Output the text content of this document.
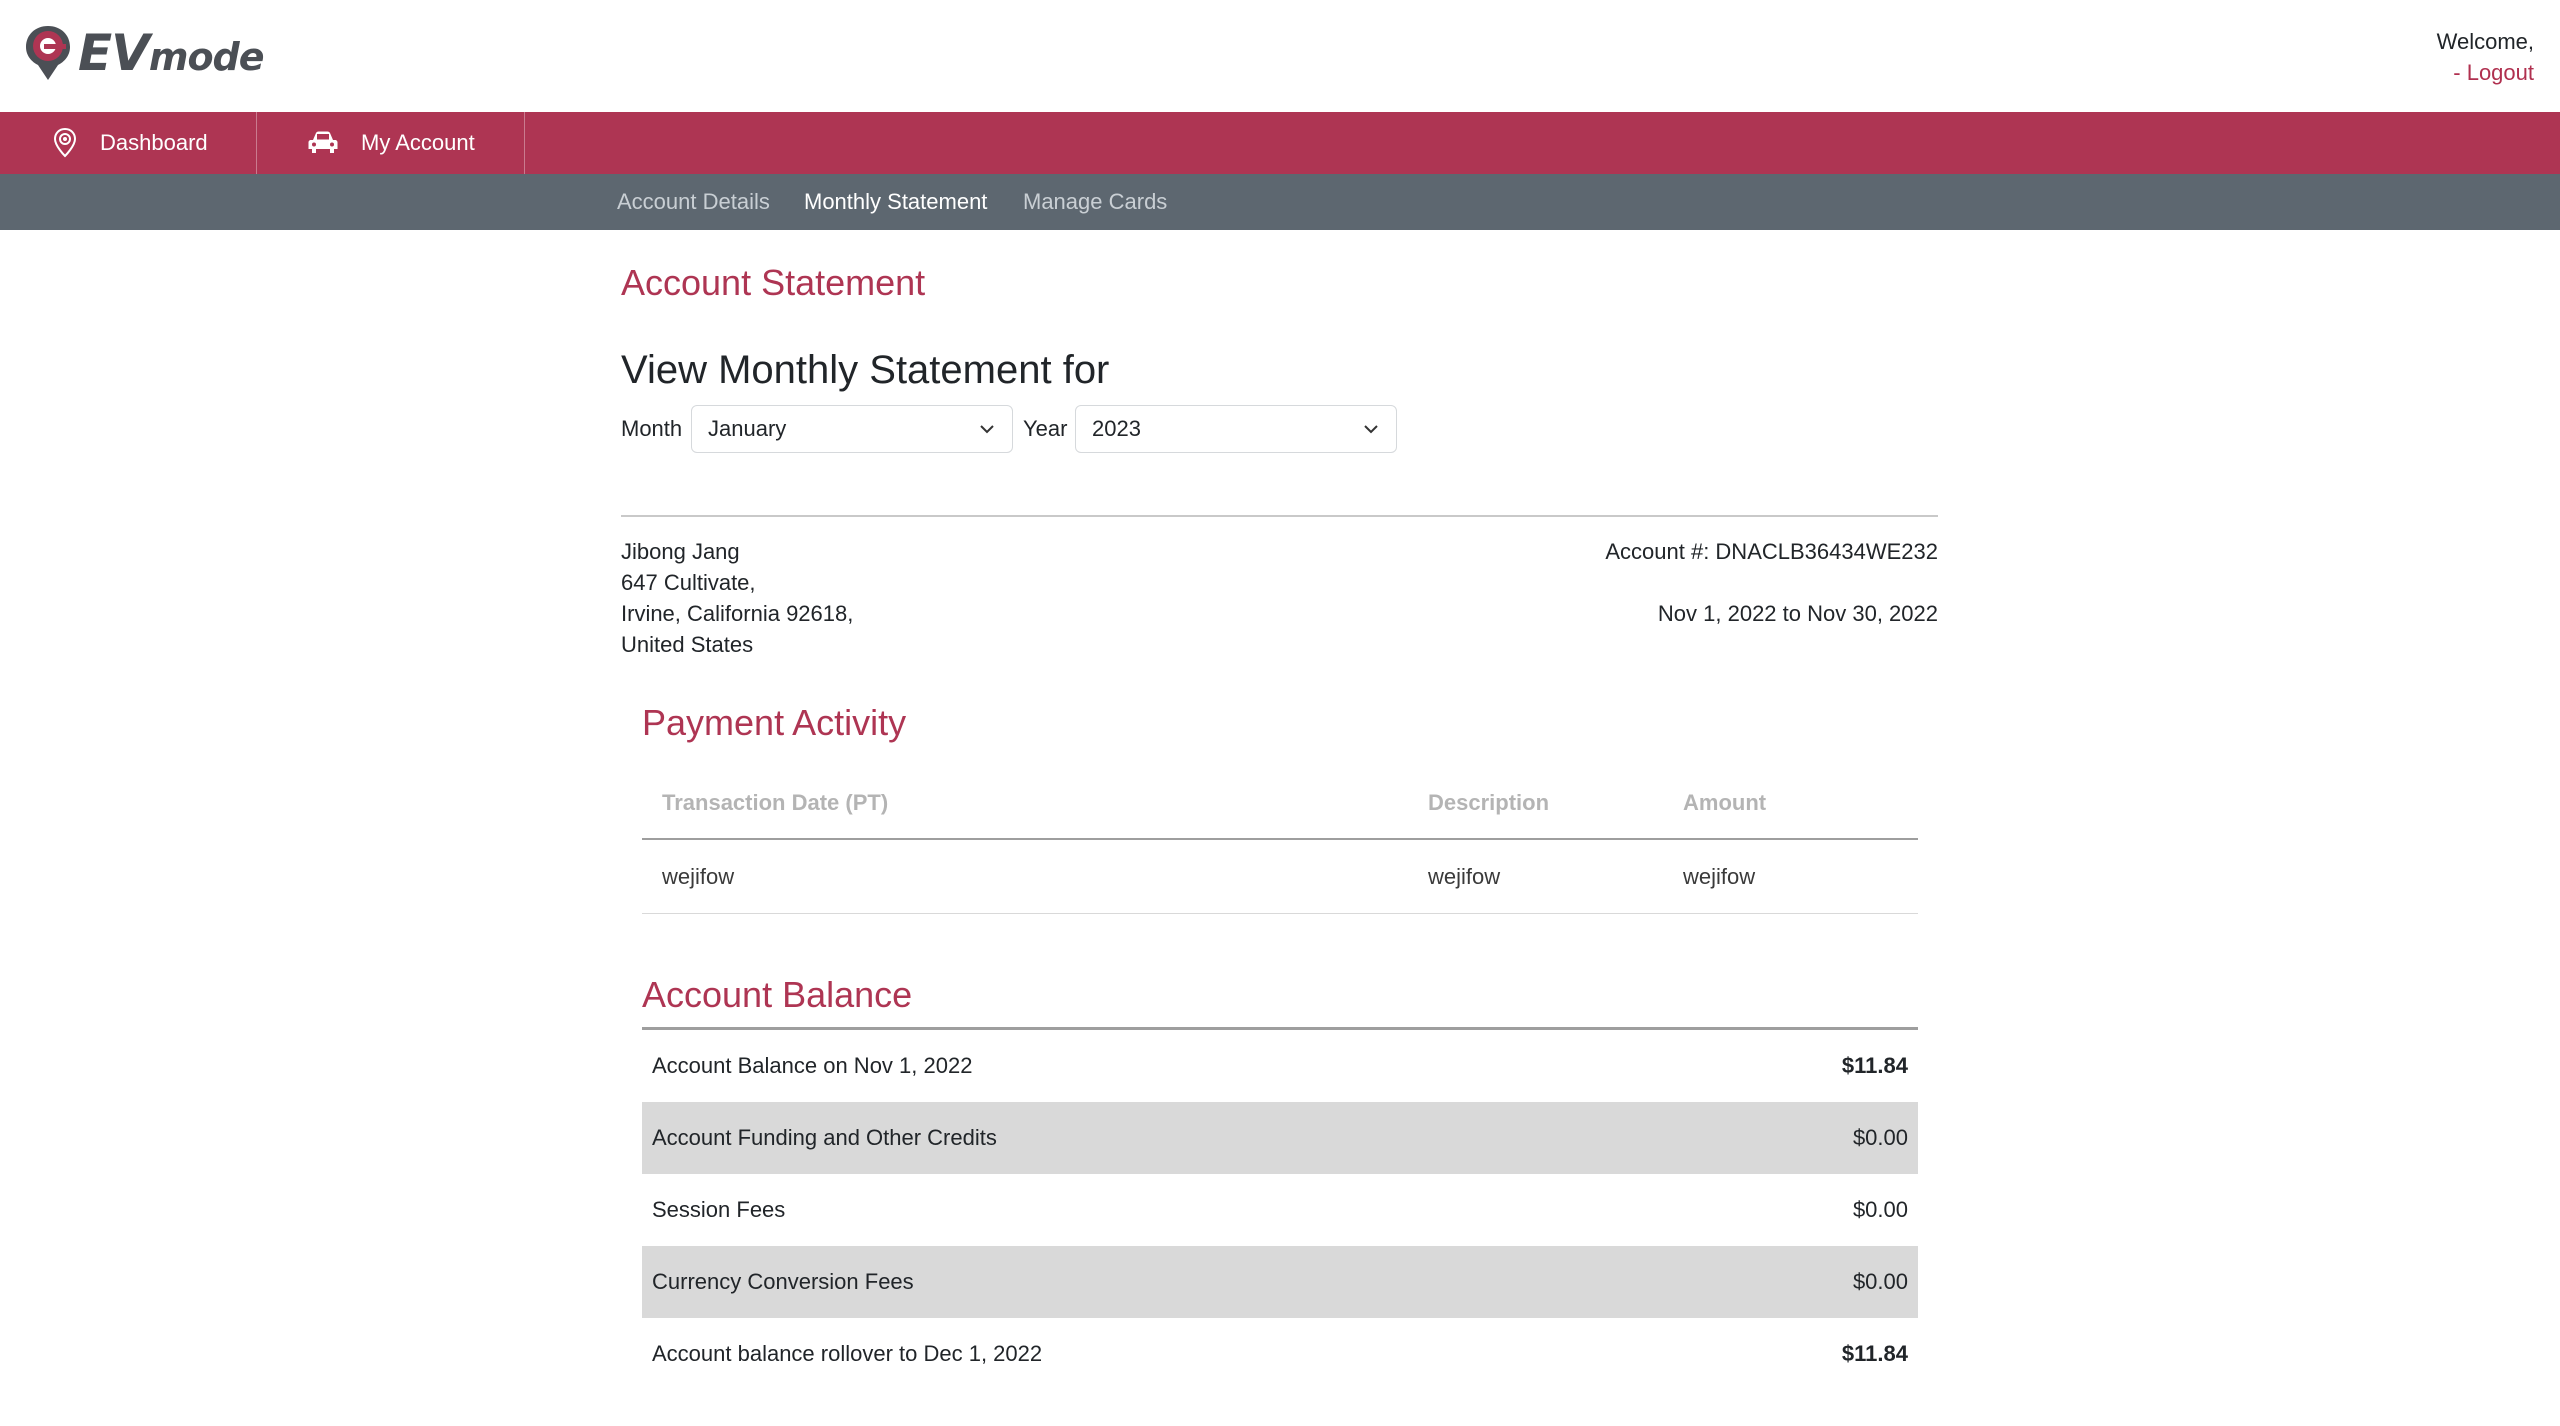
EVmode	Welcome,
- Logout
Dashboard	My Account
Account Details Monthly Statement Manage Cards
Account Statement
View Monthly Statement for
Month	January	Year	2023
Jibong Jang
647 Cultivate,
Irvine, California 92618,
United States
Account #: DNACLB36434WE232
Nov 1, 2022 to Nov 30, 2022
Payment Activity
Transaction Date (PT)	Description	Amount
wejifow	wejifow	wejifow
Account Balance
Account Balance on Nov 1, 2022	$11.84
Account Funding and Other Credits	$0.00
Session Fees	$0.00
Currency Conversion Fees	$0.00
Account balance rollover to Dec 1, 2022	$11.84
